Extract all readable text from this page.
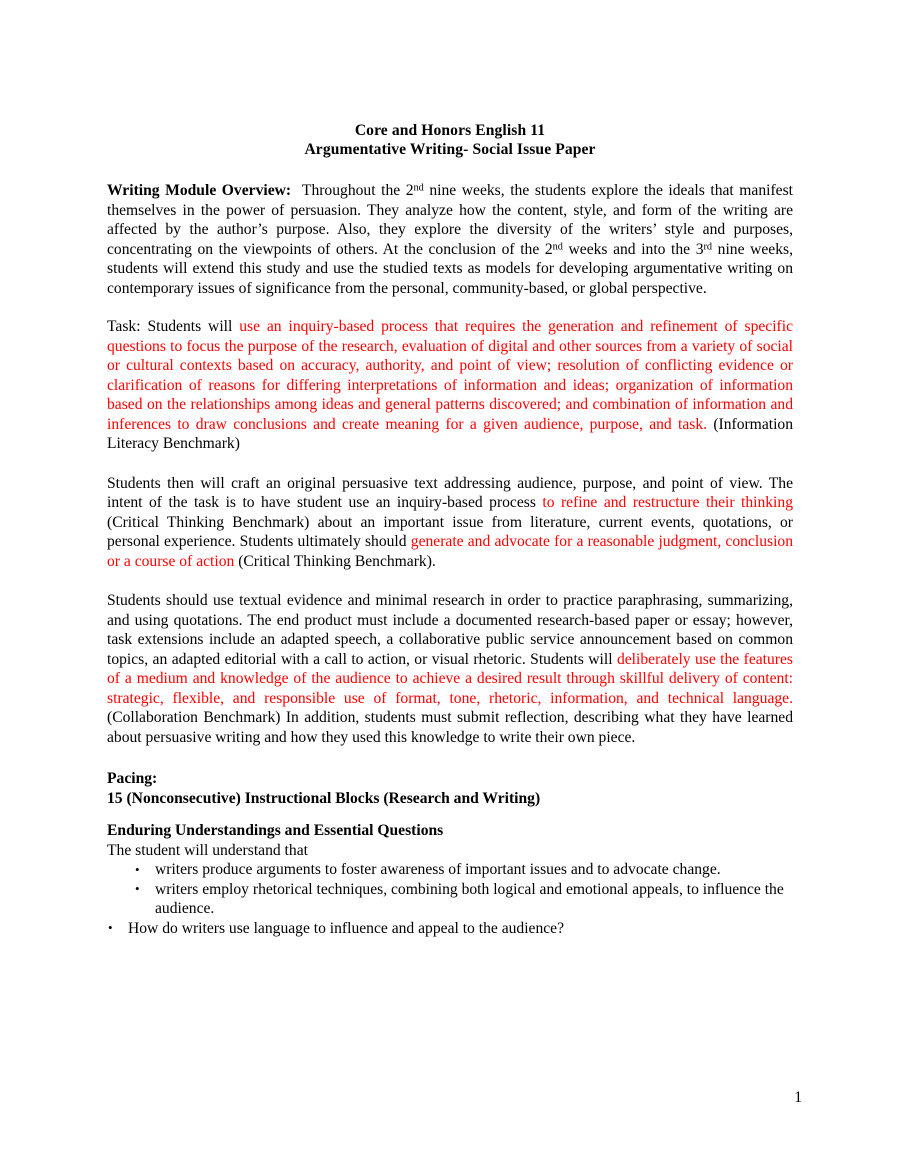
Core and Honors English 11
Argumentative Writing- Social Issue Paper

Writing Module Overview: Throughout the 2nd nine weeks, the students explore the ideals that manifest themselves in the power of persuasion. They analyze how the content, style, and form of the writing are affected by the author’s purpose. Also, they explore the diversity of the writers’ style and purposes, concentrating on the viewpoints of others. At the conclusion of the 2nd weeks and into the 3rd nine weeks, students will extend this study and use the studied texts as models for developing argumentative writing on contemporary issues of significance from the personal, community-based, or global perspective.

Task: Students will use an inquiry-based process that requires the generation and refinement of specific questions to focus the purpose of the research, evaluation of digital and other sources from a variety of social or cultural contexts based on accuracy, authority, and point of view; resolution of conflicting evidence or clarification of reasons for differing interpretations of information and ideas; organization of information based on the relationships among ideas and general patterns discovered; and combination of information and inferences to draw conclusions and create meaning for a given audience, purpose, and task. (Information Literacy Benchmark)

Students then will craft an original persuasive text addressing audience, purpose, and point of view. The intent of the task is to have student use an inquiry-based process to refine and restructure their thinking (Critical Thinking Benchmark) about an important issue from literature, current events, quotations, or personal experience. Students ultimately should generate and advocate for a reasonable judgment, conclusion or a course of action (Critical Thinking Benchmark).

Students should use textual evidence and minimal research in order to practice paraphrasing, summarizing, and using quotations. The end product must include a documented research-based paper or essay; however, task extensions include an adapted speech, a collaborative public service announcement based on common topics, an adapted editorial with a call to action, or visual rhetoric. Students will deliberately use the features of a medium and knowledge of the audience to achieve a desired result through skillful delivery of content: strategic, flexible, and responsible use of format, tone, rhetoric, information, and technical language. (Collaboration Benchmark) In addition, students must submit reflection, describing what they have learned about persuasive writing and how they used this knowledge to write their own piece.

Pacing:

15 (Nonconsecutive) Instructional Blocks (Research and Writing)

Enduring Understandings and Essential Questions

The student will understand that

• writers produce arguments to foster awareness of important issues and to advocate change.
• writers employ rhetorical techniques, combining both logical and emotional appeals, to influence the audience.
• How do writers use language to influence and appeal to the audience?
1
